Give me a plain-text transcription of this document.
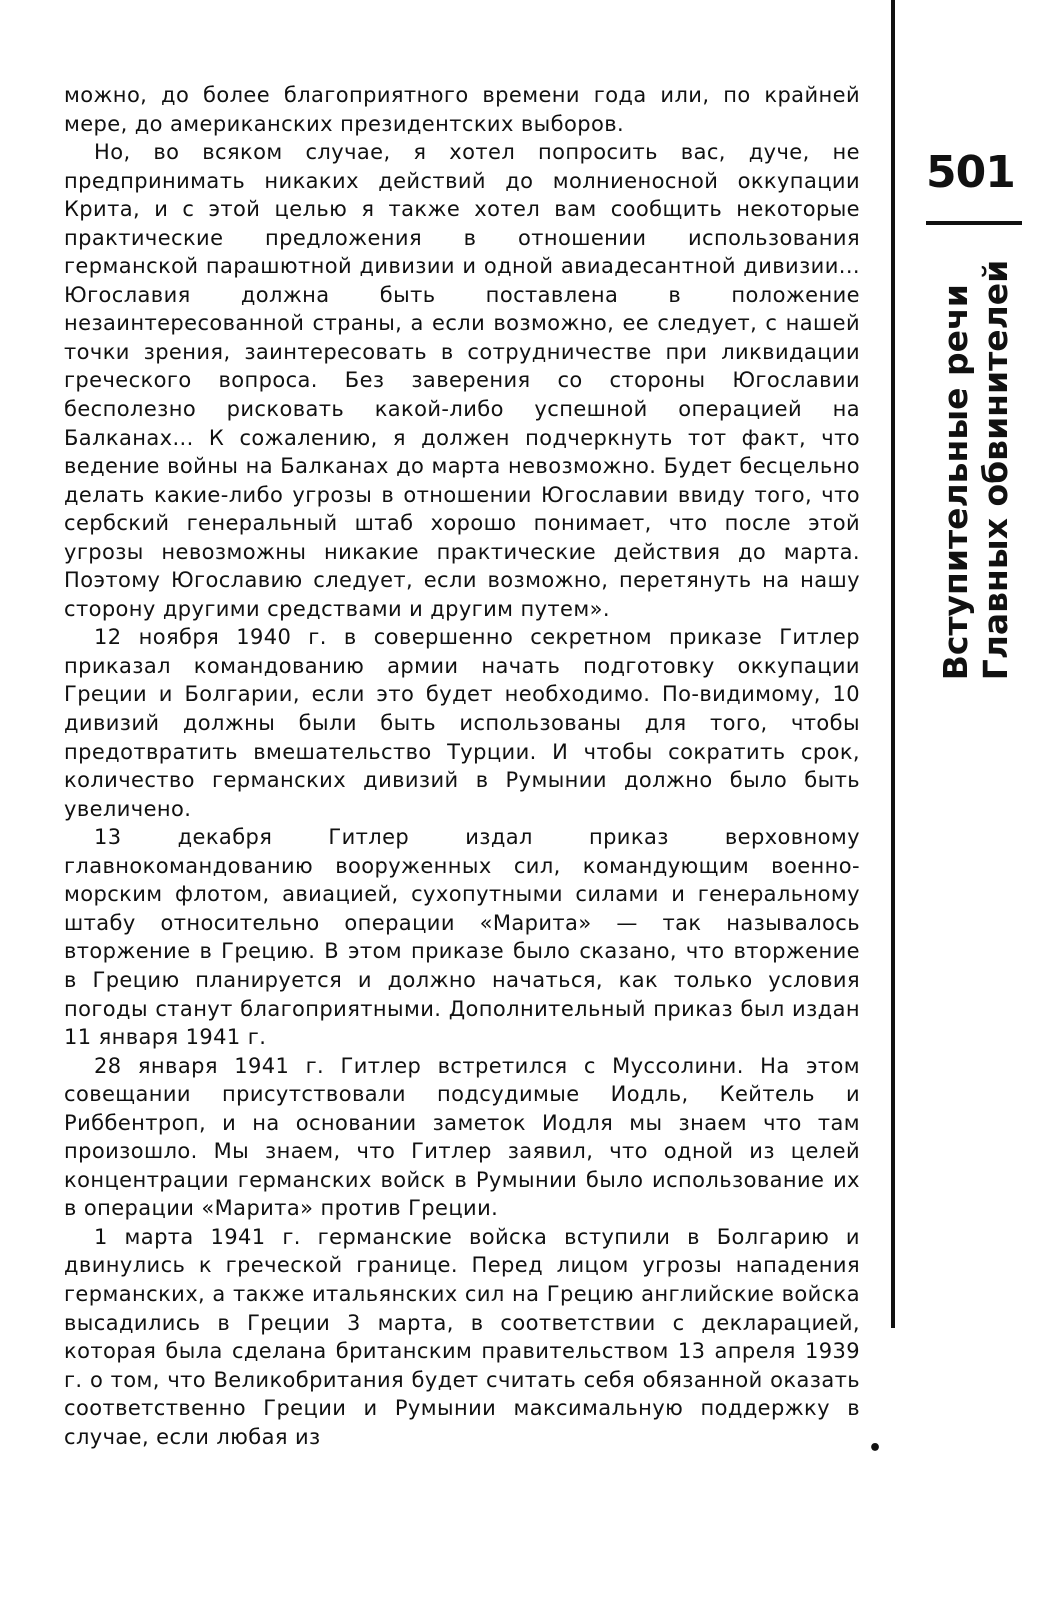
можно, до более благоприятного времени года или, по крайней мере, до американских президентских выборов.

Но, во всяком случае, я хотел попросить вас, дуче, не предпринимать никаких действий до молниеносной оккупации Крита, и с этой целью я также хотел вам сообщить некоторые практические предложения в отношении использования германской парашютной дивизии и одной авиадесантной дивизии... Югославия должна быть поставлена в положение незаинтересованной страны, а если возможно, ее следует, с нашей точки зрения, заинтересовать в сотрудничестве при ликвидации греческого вопроса. Без заверения со стороны Югославии бесполезно рисковать какой-либо успешной операцией на Балканах... К сожалению, я должен подчеркнуть тот факт, что ведение войны на Балканах до марта невозможно. Будет бесцельно делать какие-либо угрозы в отношении Югославии ввиду того, что сербский генеральный штаб хорошо понимает, что после этой угрозы невозможны никакие практические действия до марта. Поэтому Югославию следует, если возможно, перетянуть на нашу сторону другими средствами и другим путем».

12 ноября 1940 г. в совершенно секретном приказе Гитлер приказал командованию армии начать подготовку оккупации Греции и Болгарии, если это будет необходимо. По-видимому, 10 дивизий должны были быть использованы для того, чтобы предотвратить вмешательство Турции. И чтобы сократить срок, количество германских дивизий в Румынии должно было быть увеличено.

13 декабря Гитлер издал приказ верховному главнокомандованию вооруженных сил, командующим военно-морским флотом, авиацией, сухопутными силами и генеральному штабу относительно операции «Марита» — так называлось вторжение в Грецию. В этом приказе было сказано, что вторжение в Грецию планируется и должно начаться, как только условия погоды станут благоприятными. Дополнительный приказ был издан 11 января 1941 г.

28 января 1941 г. Гитлер встретился с Муссолини. На этом совещании присутствовали подсудимые Иодль, Кейтель и Риббентроп, и на основании заметок Иодля мы знаем что там произошло. Мы знаем, что Гитлер заявил, что одной из целей концентрации германских войск в Румынии было использование их в операции «Марита» против Греции.

1 марта 1941 г. германские войска вступили в Болгарию и двинулись к греческой границе. Перед лицом угрозы нападения германских, а также итальянских сил на Грецию английские войска высадились в Греции 3 марта, в соответствии с декларацией, которая была сделана британским правительством 13 апреля 1939 г. о том, что Великобритания будет считать себя обязанной оказать соответственно Греции и Румынии максимальную поддержку в случае, если любая из

501
Вступительные речи Главных обвинителей
•
